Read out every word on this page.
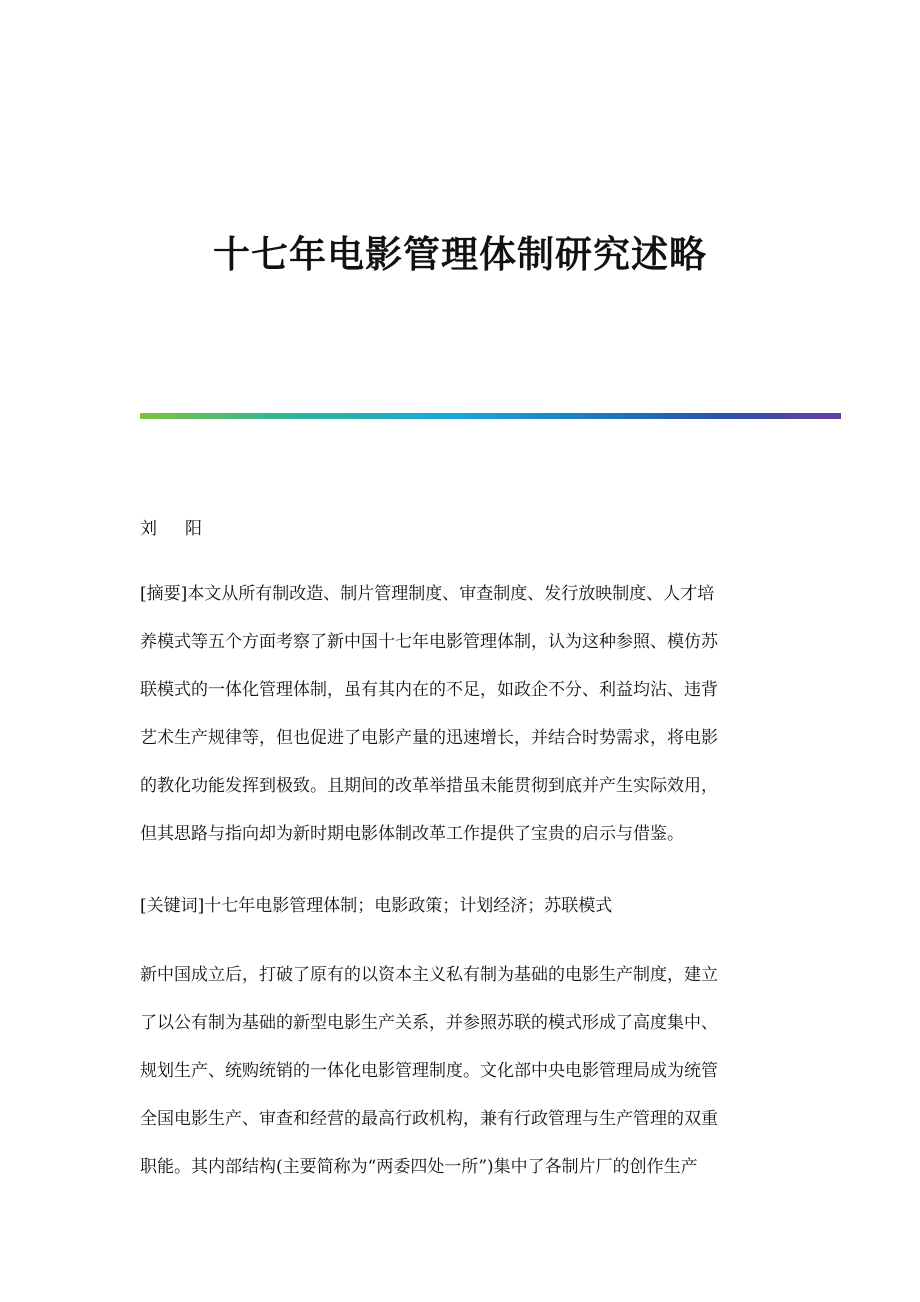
十七年电影管理体制研究述略
刘 阳
[摘要]本文从所有制改造、制片管理制度、审查制度、发行放映制度、人才培
养模式等五个方面考察了新中国十七年电影管理体制，认为这种参照、模仿苏
联模式的一体化管理体制，虽有其内在的不足，如政企不分、利益均沾、违背
艺术生产规律等，但也促进了电影产量的迅速增长，并结合时势需求，将电影
的教化功能发挥到极致。且期间的改革举措虽未能贯彻到底并产生实际效用，
但其思路与指向却为新时期电影体制改革工作提供了宝贵的启示与借鉴。
[关键词]十七年电影管理体制；电影政策；计划经济；苏联模式
新中国成立后，打破了原有的以资本主义私有制为基础的电影生产制度，建立
了以公有制为基础的新型电影生产关系，并参照苏联的模式形成了高度集中、
规划生产、统购统销的一体化电影管理制度。文化部中央电影管理局成为统管
全国电影生产、审查和经营的最高行政机构，兼有行政管理与生产管理的双重
职能。其内部结构(主要简称为“两委四处一所”)集中了各制片厂的创作生产
